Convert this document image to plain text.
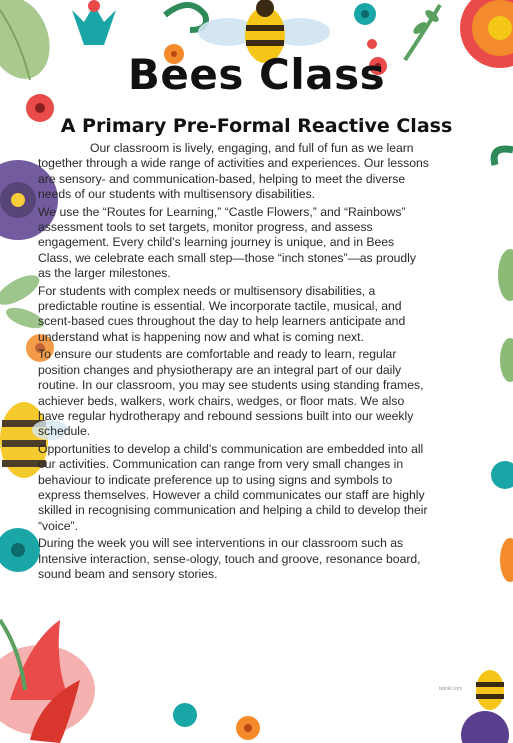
Bees Class
A Primary Pre-Formal Reactive Class

Our classroom is lively, engaging, and full of fun as we learn together through a wide range of activities and experiences. Our lessons are sensory- and communication-based, helping to meet the diverse needs of our students with multisensory disabilities.

We use the “Routes for Learning,” “Castle Flowers,” and “Rainbows” assessment tools to set targets, monitor progress, and assess engagement. Every child’s learning journey is unique, and in Bees Class, we celebrate each small step—those “inch stones”—as proudly as the larger milestones.

For students with complex needs or multisensory disabilities, a predictable routine is essential. We incorporate tactile, musical, and scent-based cues throughout the day to help learners anticipate and understand what is happening now and what is coming next.

To ensure our students are comfortable and ready to learn, regular position changes and physiotherapy are an integral part of our daily routine. In our classroom, you may see students using standing frames, achiever beds, walkers, work chairs, wedges, or floor mats. We also have regular hydrotherapy and rebound sessions built into our weekly schedule.

Opportunities to develop a child’s communication are embedded into all our activities. Communication can range from very small changes in behaviour to indicate preference up to using signs and symbols to express themselves. However a child communicates our staff are highly skilled in recognising communication and helping a child to develop their “voice”.

During the week you will see interventions in our classroom such as Intensive interaction, sense-ology, touch and groove, resonance board, sound beam and sensory stories.

twinkl.com
